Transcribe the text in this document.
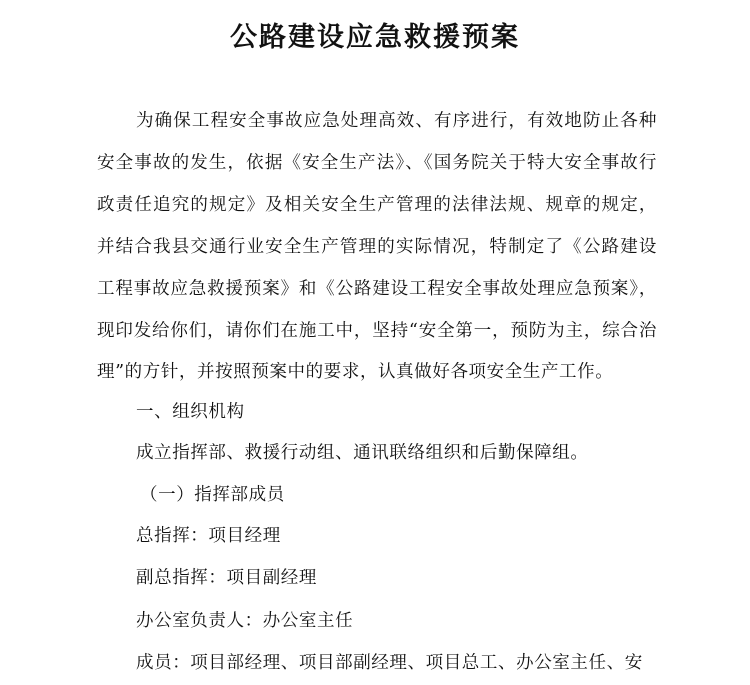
公路建设应急救援预案
为确保工程安全事故应急处理高效、有序进行，有效地防止各种安全事故的发生，依据《安全生产法》、《国务院关于特大安全事故行政责任追究的规定》及相关安全生产管理的法律法规、规章的规定，并结合我县交通行业安全生产管理的实际情况，特制定了《公路建设工程事故应急救援预案》和《公路建设工程安全事故处理应急预案》，现印发给你们，请你们在施工中，坚持“安全第一，预防为主，综合治理”的方针，并按照预案中的要求，认真做好各项安全生产工作。
一、组织机构
成立指挥部、救援行动组、通讯联络组织和后勤保障组。
（一）指挥部成员
总指挥：项目经理
副总指挥：项目副经理
办公室负责人：办公室主任
成员：项目部经理、项目部副经理、项目总工、办公室主任、安
